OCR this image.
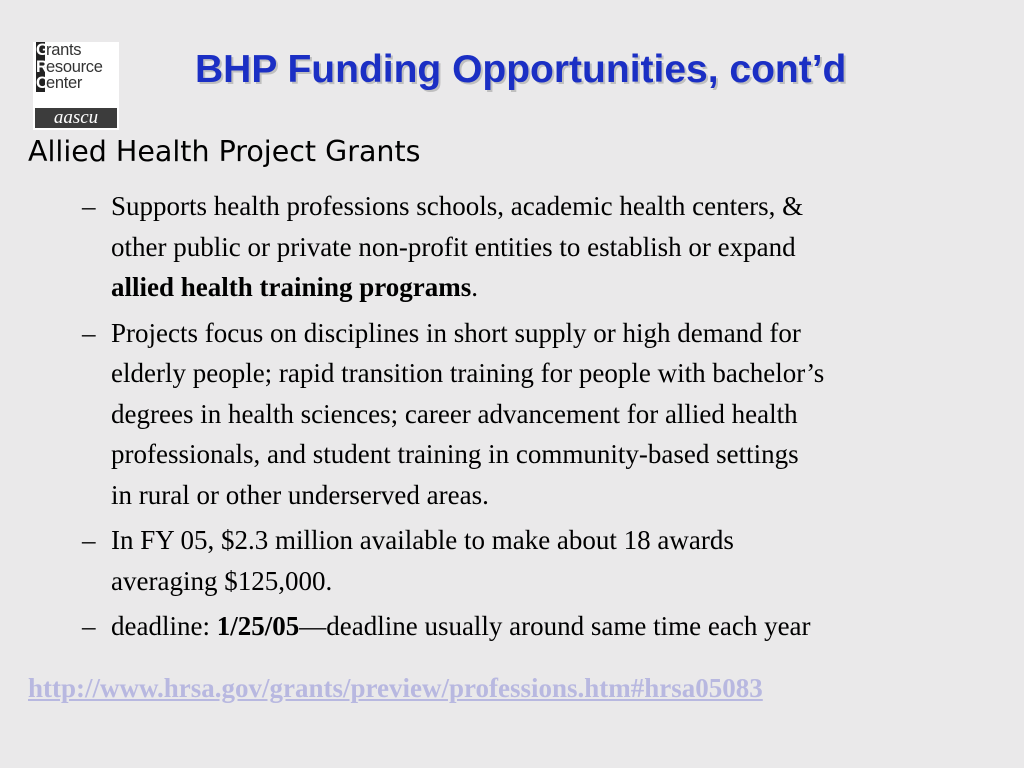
Grants
Resource
Center
aascu
BHP Funding Opportunities, cont’d
Allied Health Project Grants
– Supports health professions schools, academic health centers, &
other public or private non-profit entities to establish or expand
allied health training programs.
– Projects focus on disciplines in short supply or high demand for
elderly people; rapid transition training for people with bachelor’s
degrees in health sciences; career advancement for allied health
professionals, and student training in community-based settings
in rural or other underserved areas.
– In FY 05, $2.3 million available to make about 18 awards
averaging $125,000.
– deadline: 1/25/05—deadline usually around same time each year
http://www.hrsa.gov/grants/preview/professions.htm#hrsa05083
